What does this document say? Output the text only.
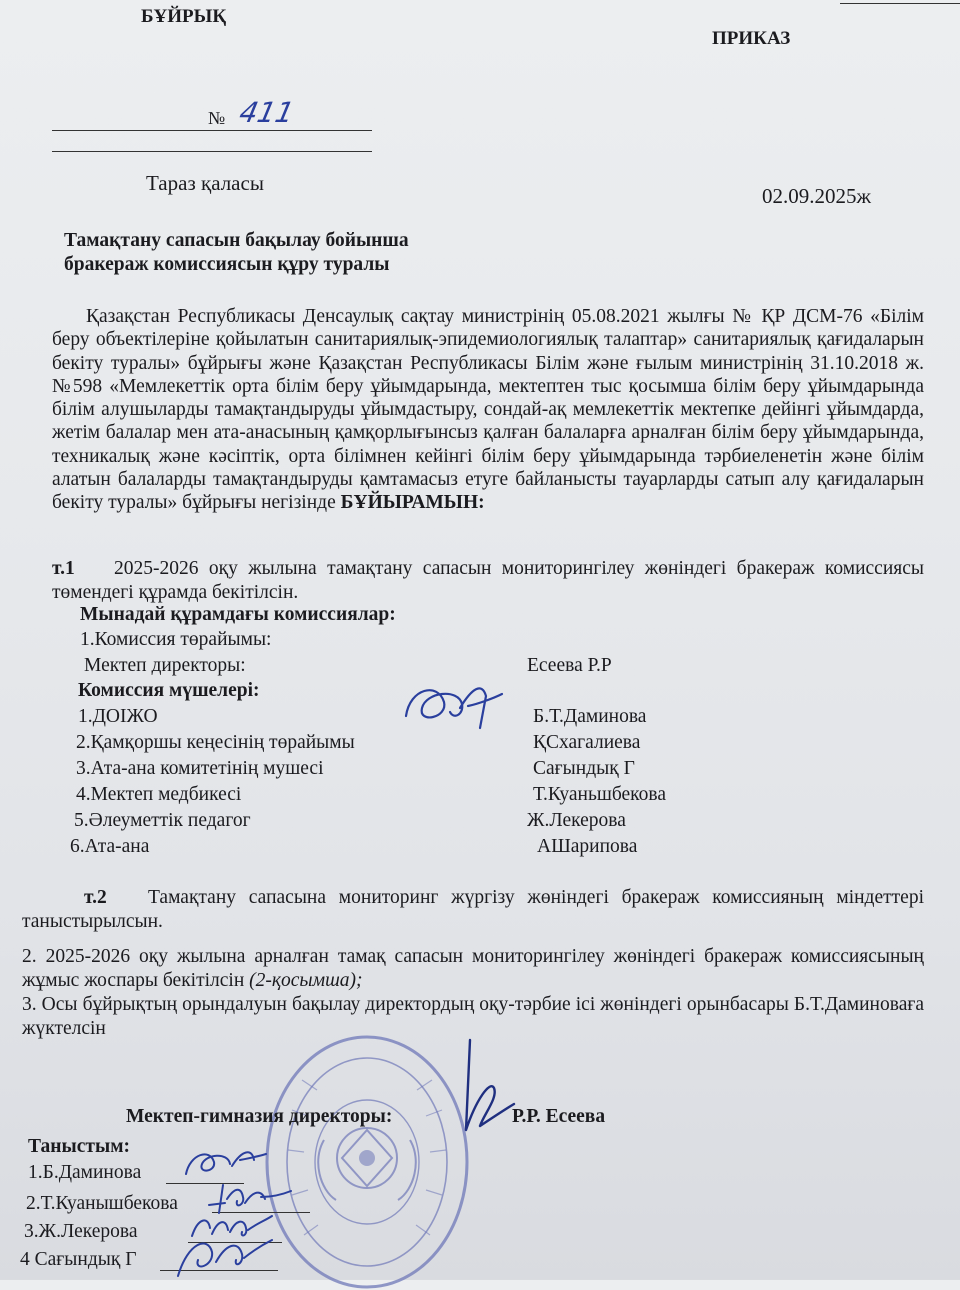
БҰЙРЫҚ
ПРИКАЗ
№ 411
Тараз қаласы
02.09.2025ж
Тамақтану сапасын бақылау бойынша
бракераж комиссиясын құру туралы
Қазақстан Республикасы Денсаулық сақтау министрінің 05.08.2021 жылғы № ҚР ДСМ-76 «Білім беру объектілеріне қойылатын санитариялық-эпидемиологиялық талаптар» санитариялық қағидаларын бекіту туралы» бұйрығы және Қазақстан Республикасы Білім және ғылым министрінің 31.10.2018 ж. №598 «Мемлекеттік орта білім беру ұйымдарында, мектептен тыс қосымша білім беру ұйымдарында білім алушыларды тамақтандыруды ұйымдастыру, сондай-ақ мемлекеттік мектепке дейінгі ұйымдарда, жетім балалар мен ата-анасының қамқорлығынсыз қалған балаларға арналған білім беру ұйымдарында, техникалық және кәсіптік, орта білімнен кейінгі білім беру ұйымдарында тәрбиеленетін және білім алатын балаларды тамақтандыруды қамтамасыз етуге байланысты тауарларды сатып алу қағидаларын бекіту туралы» бұйрығы негізінде БҰЙЫРАМЫН:
т.1 2025-2026 оқу жылына тамақтану сапасын мониторингілеу жөніндегі бракераж комиссиясы төмендегі құрамда бекітілсін.
Мынадай құрамдағы комиссиялар:
1.Комиссия төрайымы:
Мектеп директоры:	Есеева Р.Р
Комиссия мүшелері:
1.ДОІЖО	Б.Т.Даминова
2.Қамқоршы кеңесінің төрайымы	ҚСхагалиева
3.Ата-ана комитетінің мушесі	Сағындық Г
4.Мектеп медбикесі	Т.Куаньшбекова
5.Әлеуметтік педагог	Ж.Лекерова
6.Ата-ана	АШарипова
т.2 Тамақтану сапасына мониторинг жүргізу жөніндегі бракераж комиссияның міндеттері таныстырылсын.
2. 2025-2026 оқу жылына арналған тамақ сапасын мониторингілеу жөніндегі бракераж комиссиясының жұмыс жоспары бекітілсін (2-қосымша);
3. Осы бұйрықтың орындалуын бақылау директордың оқу-тәрбие ісі жөніндегі орынбасары Б.Т.Даминоваға жүктелсін
Мектеп-гимназия директоры:	Р.Р. Есеева
Таныстым:
1.Б.Даминова
2.Т.Куанышбекова
3.Ж.Лекерова
4 Сағындық Г
